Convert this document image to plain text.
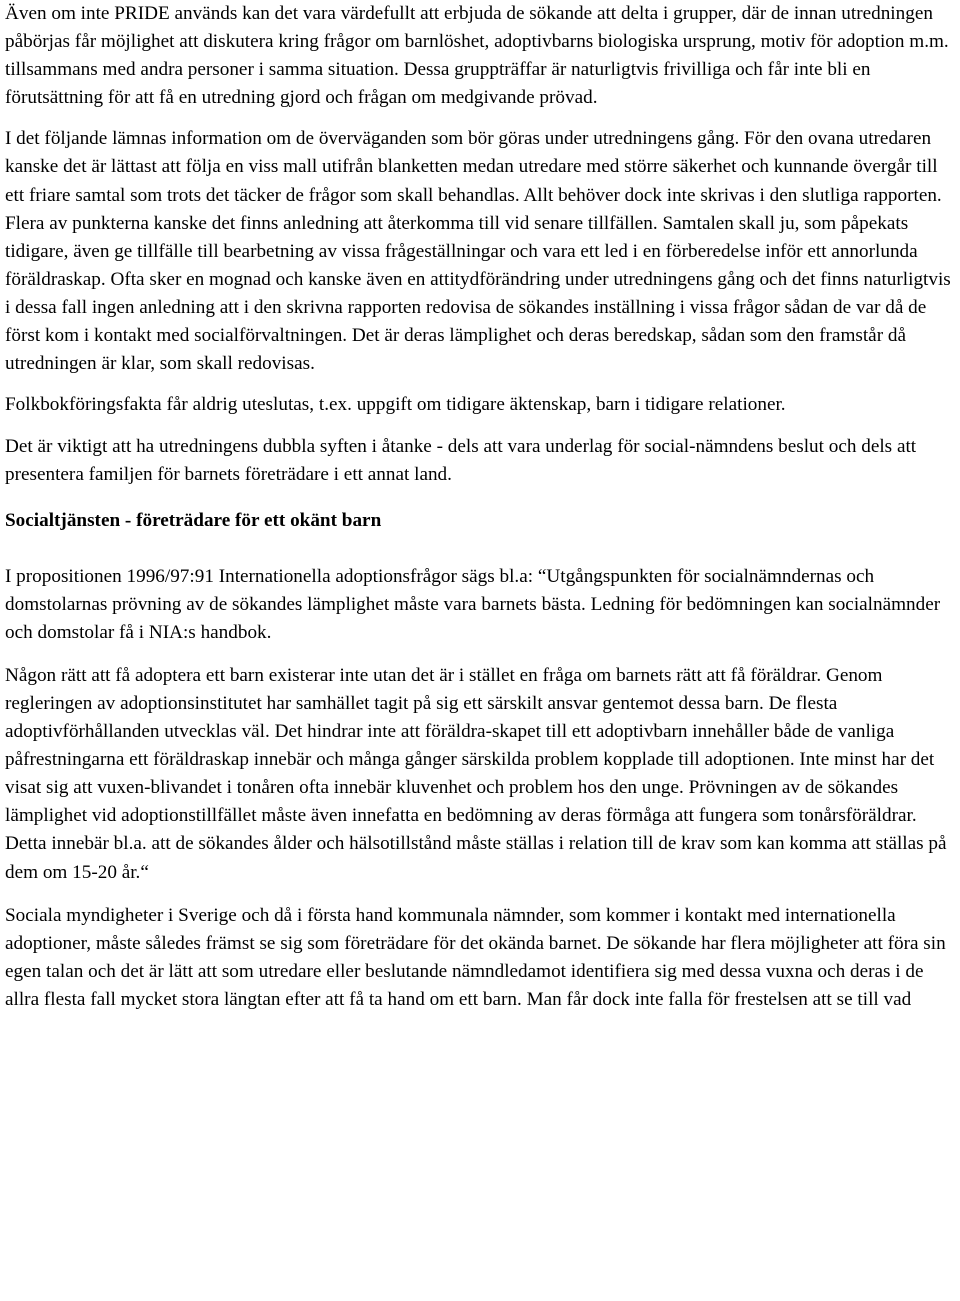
Även om inte PRIDE används kan det vara värdefullt att erbjuda de sökande att delta i grupper, där de innan utredningen påbörjas får möjlighet att diskutera kring frågor om barnlöshet, adoptivbarns biologiska ursprung, motiv för adoption m.m. tillsammans med andra personer i samma situation. Dessa gruppträffar är naturligtvis frivilliga och får inte bli en förutsättning för att få en utredning gjord och frågan om medgivande prövad.

I det följande lämnas information om de överväganden som bör göras under utredningens gång. För den ovana utredaren kanske det är lättast att följa en viss mall utifrån blanketten medan utredare med större säkerhet och kunnande övergår till ett friare samtal som trots det täcker de frågor som skall behandlas. Allt behöver dock inte skrivas i den slutliga rapporten. Flera av punkterna kanske det finns anledning att återkomma till vid senare tillfällen. Samtalen skall ju, som påpekats tidigare, även ge tillfälle till bearbetning av vissa frågeställningar och vara ett led i en förberedelse inför ett annorlunda föräldraskap. Ofta sker en mognad och kanske även en attitydförändring under utredningens gång och det finns naturligtvis i dessa fall ingen anledning att i den skrivna rapporten redovisa de sökandes inställning i vissa frågor sådan de var då de först kom i kontakt med socialförvaltningen. Det är deras lämplighet och deras beredskap, sådan som den framstår då utredningen är klar, som skall redovisas.

Folkbokföringsfakta får aldrig uteslutas, t.ex. uppgift om tidigare äktenskap, barn i tidigare relationer.

Det är viktigt att ha utredningens dubbla syften i åtanke - dels att vara underlag för social-nämndens beslut och dels att presentera familjen för barnets företrädare i ett annat land.

Socialtjänsten - företrädare för ett okänt barn

I propositionen 1996/97:91 Internationella adoptionsfrågor sägs bl.a: “Utgångspunkten för socialnämndernas och domstolarnas prövning av de sökandes lämplighet måste vara barnets bästa. Ledning för bedömningen kan socialnämnder och domstolar få i NIA:s handbok.

Någon rätt att få adoptera ett barn existerar inte utan det är i stället en fråga om barnets rätt att få föräldrar. Genom regleringen av adoptionsinstitutet har samhället tagit på sig ett särskilt ansvar gentemot dessa barn. De flesta adoptivförhållanden utvecklas väl. Det hindrar inte att föräldra-skapet till ett adoptivbarn innehåller både de vanliga påfrestningarna ett föräldraskap innebär och många gånger särskilda problem kopplade till adoptionen. Inte minst har det visat sig att vuxen-blivandet i tonåren ofta innebär kluvenhet och problem hos den unge. Prövningen av de sökandes lämplighet vid adoptionstillfället måste även innefatta en bedömning av deras förmåga att fungera som tonårsföräldrar. Detta innebär bl.a. att de sökandes ålder och hälsotillstånd måste ställas i relation till de krav som kan komma att ställas på dem om 15-20 år.“

Sociala myndigheter i Sverige och då i första hand kommunala nämnder, som kommer i kontakt med internationella adoptioner, måste således främst se sig som företrädare för det okända barnet. De sökande har flera möjligheter att föra sin egen talan och det är lätt att som utredare eller beslutande nämndledamot identifiera sig med dessa vuxna och deras i de allra flesta fall mycket stora längtan efter att få ta hand om ett barn. Man får dock inte falla för frestelsen att se till vad
